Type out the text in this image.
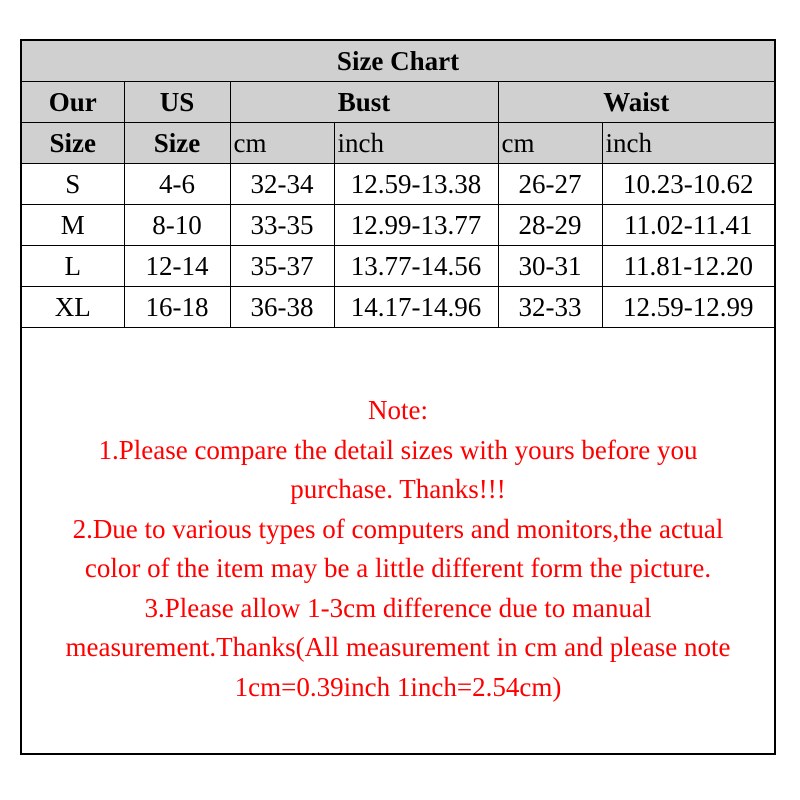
Size Chart					
Our	US	Bust		Waist	
Size	Size	cm	inch	cm	inch
S	4-6	32-34	12.59-13.38	26-27	10.23-10.62
M	8-10	33-35	12.99-13.77	28-29	11.02-11.41
L	12-14	35-37	13.77-14.56	30-31	11.81-12.20
XL	16-18	36-38	14.17-14.96	32-33	12.59-12.99
Note:
1.Please compare the detail sizes with yours before you
purchase. Thanks!!!
2.Due to various types of computers and monitors,the actual
color of the item may be a little different form the picture.
3.Please allow 1-3cm difference due to manual
measurement.Thanks(All measurement in cm and please note
1cm=0.39inch 1inch=2.54cm)
